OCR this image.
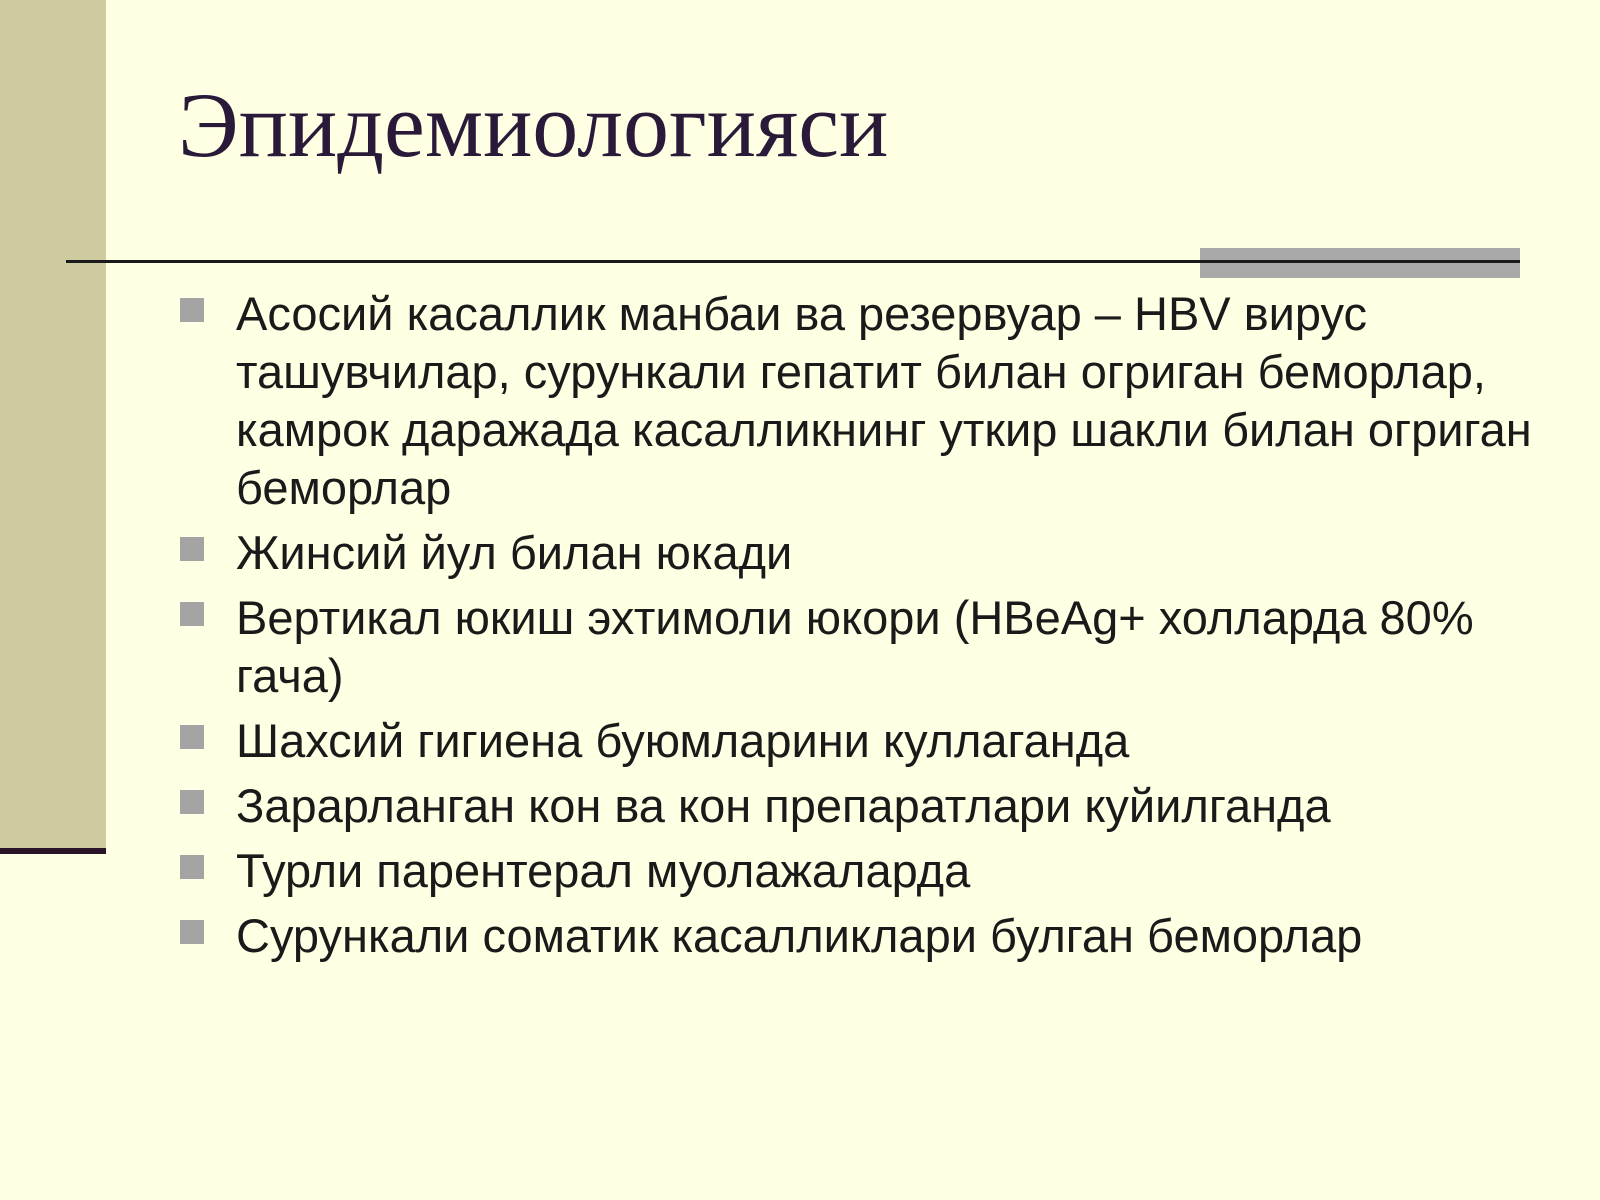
Эпидемиологияси
Асосий касаллик манбаи ва резервуар – HBV вирус ташувчилар, сурункали гепатит билан огриган беморлар, камрок даражада касалликнинг уткир шакли билан огриган беморлар
Жинсий йул билан юкади
Вертикал юкиш эхтимоли юкори (HBeAg+ холларда 80% гача)
Шахсий гигиена буюмларини куллаганда
Зарарланган кон ва кон препаратлари куйилганда
Турли парентерал муолажаларда
Сурункали соматик касалликлари булган беморлар
